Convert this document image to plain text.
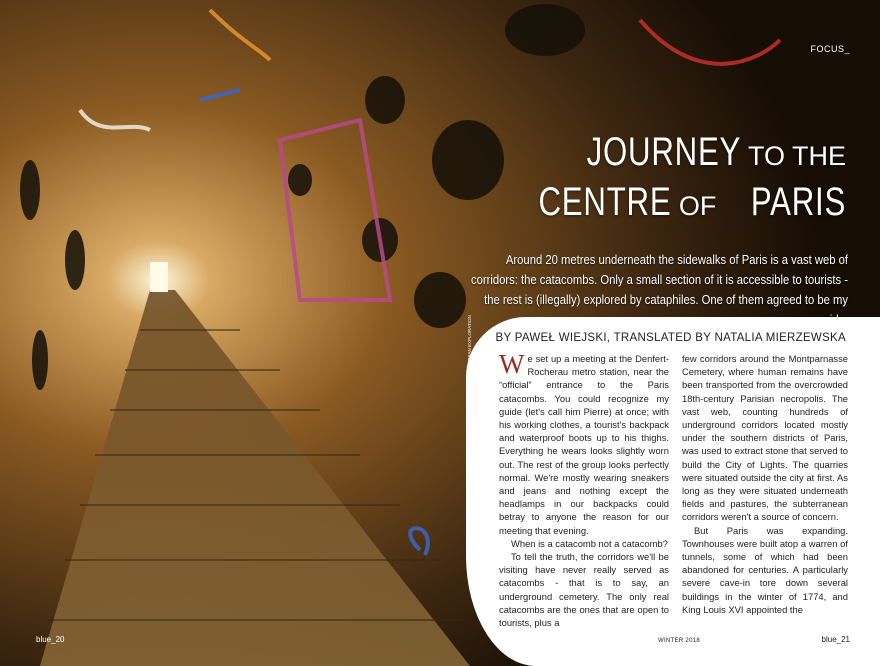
FOCUS_
JOURNEY TO THE
CENTRE OF PARIS
Around 20 metres underneath the sidewalks of Paris is a vast web of corridors: the catacombs. Only a small section of it is accessible to tourists - the rest is (illegally) explored by cataphiles. One of them agreed to be my
BY PAWEŁ WIEJSKI, TRANSLATED BY NATALIA MIERZEWSKA

We set up a meeting at the Denfert-Rocherau metro station, near the “official” entrance to the Paris catacombs. You could recognize my guide (let's call him Pierre) at once; with his working clothes, a tourist's backpack and waterproof boots up to his thighs. Everything he wears looks slightly worn out. The rest of the group looks perfectly normal. We're mostly wearing sneakers and jeans and nothing except the headlamps in our backpacks could betray to anyone the reason for our meeting that evening.

When is a catacomb not a catacomb?

To tell the truth, the corridors we'll be visiting have never really served as catacombs - that is to say, an underground cemetery. The only real catacombs are the ones that are open to tourists, plus a

few corridors around the Montparnasse Cemetery, where human remains have been transported from the overcrowded 18th-century Parisian necropolis. The vast web, counting hundreds of underground corridors located mostly under the southern districts of Paris, was used to extract stone that served to build the City of Lights. The quarries were situated outside the city at first. As long as they were situated underneath fields and pastures, the subterranean corridors weren't a source of concern.

But Paris was expanding. Townhouses were built atop a warren of tunnels, some of which had been abandoned for centuries. A particularly severe cave-in tore down several buildings in the winter of 1774, and King Louis XVI appointed the

PHOTO TAKEN BY SHOOTER OF 29 DAYS LATER URBAN EXPLORATION
blue_20	WINTER 2018	blue_21
